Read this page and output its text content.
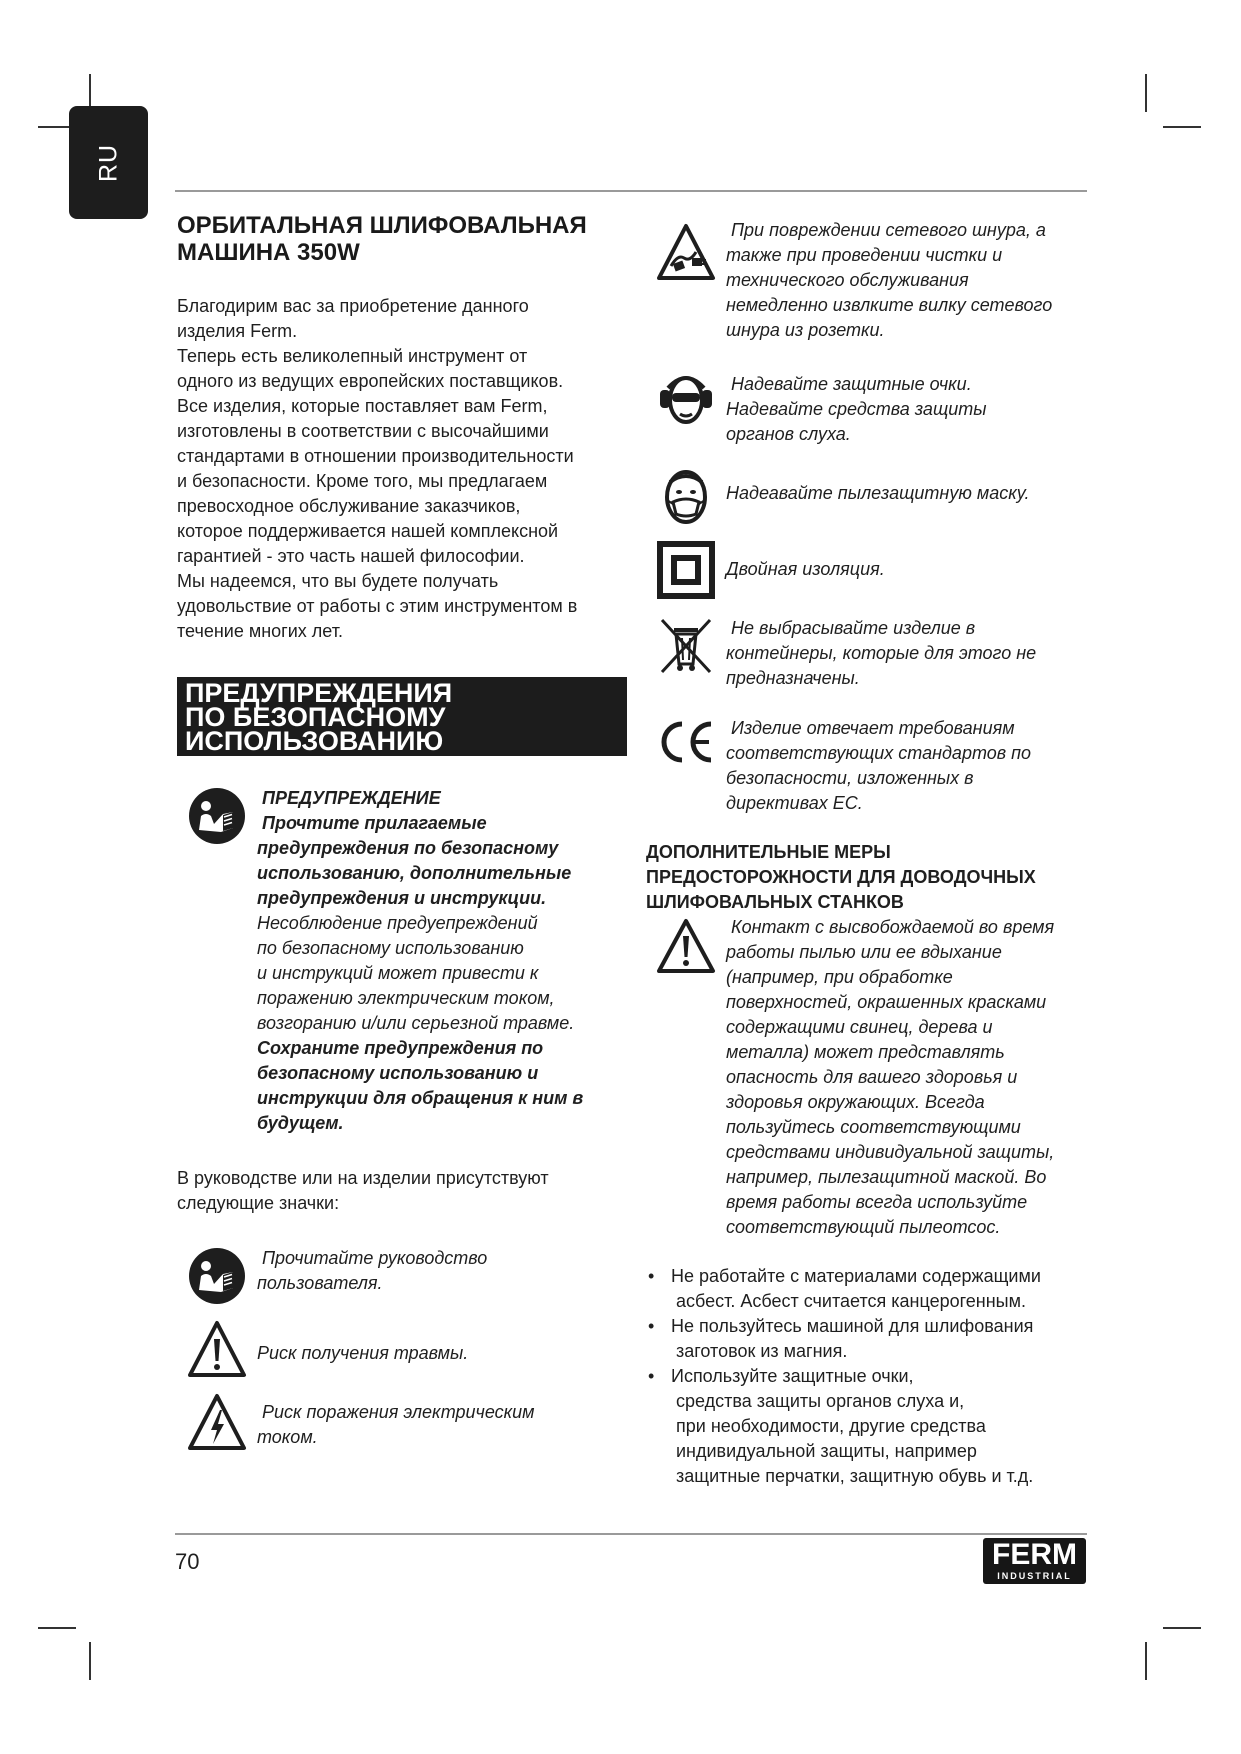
RU
ОРБИТАЛЬНАЯ ШЛИФОВАЛЬНАЯ МАШИНА 350W
Благодирим вас за приобретение данного
изделия Ferm.
Теперь есть великолепный инструмент от
одного из ведущих европейских поставщиков.
Все изделия, которые поставляет вам Ferm,
изготовлены в соответствии с высочайшими
стандартами в отношении производительности
и безопасности. Кроме того, мы предлагаем
превосходное обслуживание заказчиков,
которое поддерживается нашей комплексной
гарантией - это часть нашей философии.
Мы надеемся, что вы будете получать
удовольствие от работы с этим инструментом в
течение многих лет.
ПРЕДУПРЕЖДЕНИЯ
ПО БЕЗОПАСНОМУ
ИСПОЛЬЗОВАНИЮ
ПРЕДУПРЕЖДЕНИЕ
Прочтите прилагаемые
предупреждения по безопасному
использованию, дополнительные
предупреждения и инструкции.
Несоблюдение предуепреждений
по безопасному использованию
и инструкций может привести к
поражению электрическим током,
возгоранию и/или серьезной травме.
Сохраните предупреждения по
безопасному использованию и
инструкции для обращения к ним в
будущем.
В руководстве или на изделии присутствуют
следующие значки:
Прочитайте руководство
пользователя.
Риск получения травмы.
Риск поражения электрическим
током.
При повреждении сетевого шнура, а
также при проведении чистки и
технического обслуживания
немедленно извлките вилку сетевого
шнура из розетки.
Надевайте защитные очки.
Надевайте средства защиты
органов слуха.
Надеавайте пылезащитную маску.
Двойная изоляция.
Не выбрасывайте изделие в
контейнеры, которые для этого не
предназначены.
Изделие отвечает требованиям
соответствующих стандартов по
безопасности, изложенных в
директивах ЕС.
ДОПОЛНИТЕЛЬНЫЕ МЕРЫ
ПРЕДОСТОРОЖНОСТИ ДЛЯ ДОВОДОЧНЫХ
ШЛИФОВАЛЬНЫХ СТАНКОВ
Контакт с высвобождаемой во время
работы пылью или ее вдыхание
(например, при обработке
поверхностей, окрашенных красками
содержащими свинец, дерева и
металла) может представлять
опасность для вашего здоровья и
здоровья окружающих. Всегда
пользуйтесь соответствующими
средствами индивидуальной защиты,
например, пылезащитной маской. Во
время работы всегда используйте
соответствующий пылеотсос.
• Не работайте с материалами содержащими
асбест. Асбест считается канцерогенным.
• Не пользуйтесь машиной для шлифования
заготовок из магния.
• Используйте защитные очки,
средства защиты органов слуха и,
при необходимости, другие средства
индивидуальной защиты, например
защитные перчатки, защитную обувь и т.д.
70	FERM
INDUSTRIAL
